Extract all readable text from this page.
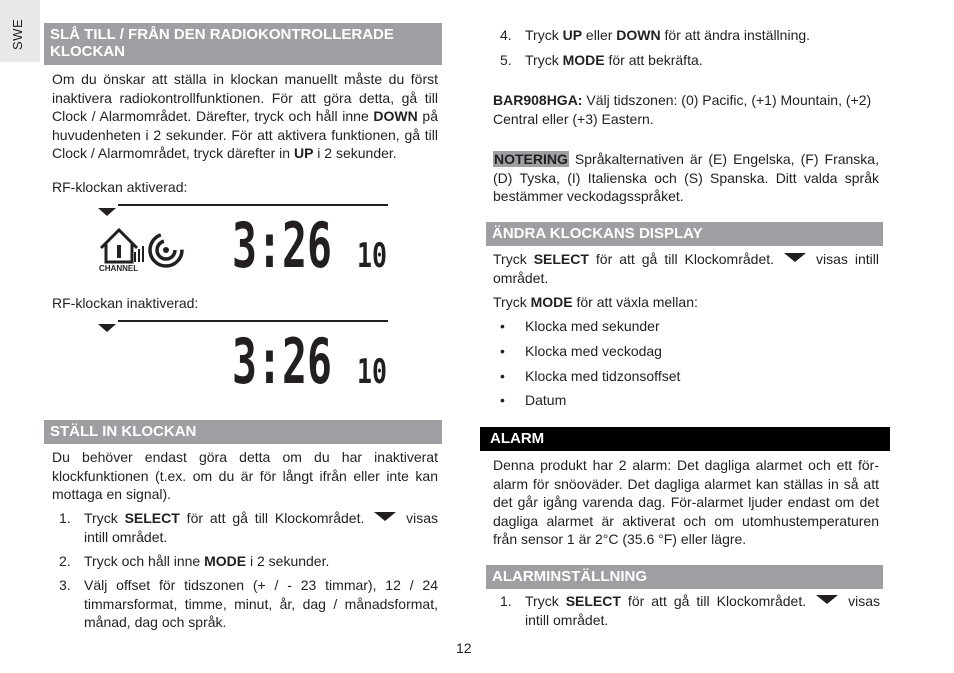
SWE	SLÅ TILL / FRÅN DEN RADIOKONTROLLERADE KLOCKAN

Om du önskar att ställa in klockan manuellt måste du först inaktivera radiokontrollfunktionen. För att göra detta, gå till Clock / Alarmområdet. Därefter, tryck och håll inne DOWN på huvudenheten i 2 sekunder. För att aktivera funktionen, gå till Clock / Alarmområdet, tryck därefter in UP i 2 sekunder.

RF-klockan aktiverad:
CHANNEL 3:26 10
RF-klockan inaktiverad:
3:26 10
STÄLL IN KLOCKAN

Du behöver endast göra detta om du har inaktiverat klockfunktionen (t.ex. om du är för långt ifrån eller inte kan mottaga en signal).

1. Tryck SELECT för att gå till Klockområdet.  visas intill området.
2. Tryck och håll inne MODE i 2 sekunder.
3. Välj offset för tidszonen (+ / - 23 timmar), 12 / 24 timmarsformat, timme, minut, år, dag / månadsformat, månad, dag och språk.
4. Tryck UP eller DOWN för att ändra inställning.
5. Tryck MODE för att bekräfta.

BAR908HGA: Välj tidszonen: (0) Pacific, (+1) Mountain, (+2) Central eller (+3) Eastern.

NOTERING Språkalternativen är (E) Engelska, (F) Franska, (D) Tyska, (I) Italienska och (S) Spanska. Ditt valda språk bestämmer veckodagsspråket.

ÄNDRA KLOCKANS DISPLAY

Tryck SELECT för att gå till Klockområdet.  visas intill området.

Tryck MODE för att växla mellan:

• Klocka med sekunder
• Klocka med veckodag
• Klocka med tidzonsoffset
• Datum
ALARM

Denna produkt har 2 alarm: Det dagliga alarmet och ett för-alarm för snöoväder. Det dagliga alarmet kan ställas in så att det går igång varenda dag. För-alarmet ljuder endast om det dagliga alarmet är aktiverat och om utomhustemperaturen från sensor 1 är 2°C (35.6 °F) eller lägre.

ALARMINSTÄLLNING
1. Tryck SELECT för att gå till Klockområdet.  visas intill området.
12
